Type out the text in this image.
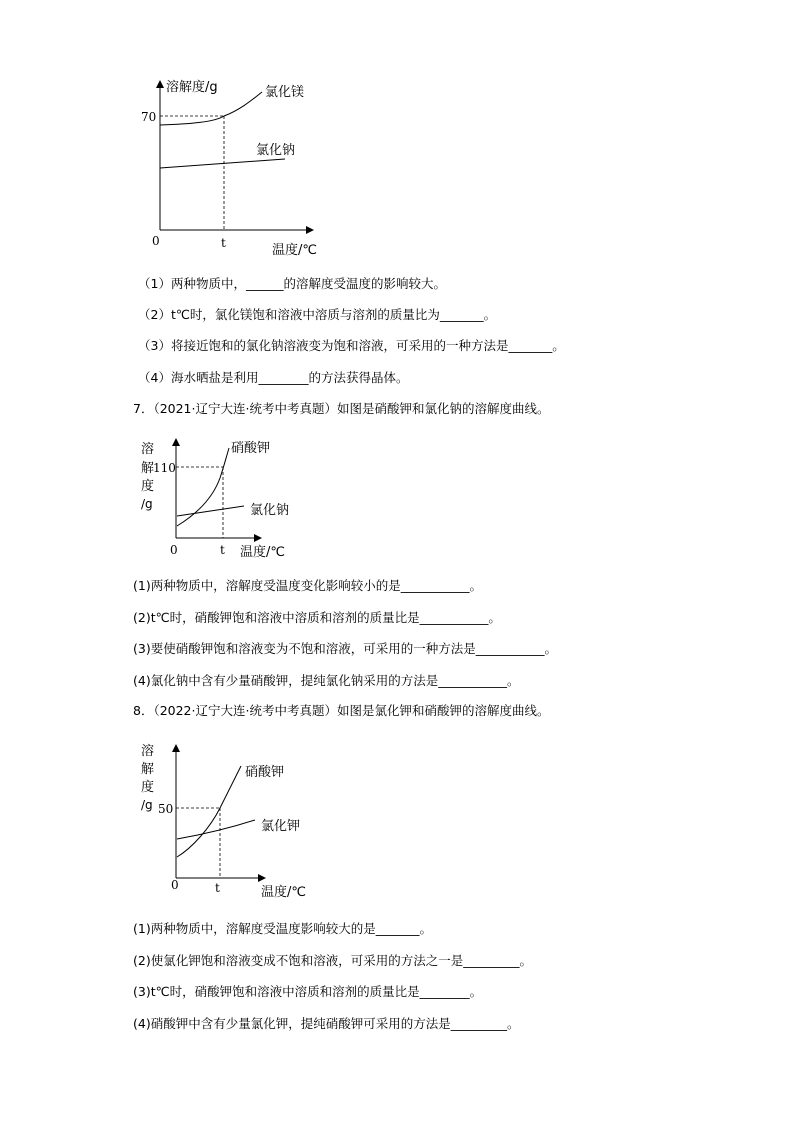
溶解度/g
温度/℃
0	t
70
氯化镁
氯化钠
溶
解
度
/g
110
0	t 温度/℃
硝酸钾
氯化钠
溶
解
度
/g 50
0	t	温度/℃
硝酸钾
氯化钾
（1）两种物质中，______的溶解度受温度的影响较大。
（2）t℃时，氯化镁饱和溶液中溶质与溶剂的质量比为_______。
（3）将接近饱和的氯化钠溶液变为饱和溶液，可采用的一种方法是_______。
（4）海水晒盐是利用________的方法获得晶体。
7．（2021·辽宁大连·统考中考真题）如图是硝酸钾和氯化钠的溶解度曲线。
(1)两种物质中，溶解度受温度变化影响较小的是___________。
(2)t℃时，硝酸钾饱和溶液中溶质和溶剂的质量比是___________。
(3)要使硝酸钾饱和溶液变为不饱和溶液，可采用的一种方法是___________。
(4)氯化钠中含有少量硝酸钾，提纯氯化钠采用的方法是___________。
8．（2022·辽宁大连·统考中考真题）如图是氯化钾和硝酸钾的溶解度曲线。
(1)两种物质中，溶解度受温度影响较大的是_______。
(2)使氯化钾饱和溶液变成不饱和溶液，可采用的方法之一是_________。
(3)t℃时，硝酸钾饱和溶液中溶质和溶剂的质量比是________。
(4)硝酸钾中含有少量氯化钾，提纯硝酸钾可采用的方法是_________。
